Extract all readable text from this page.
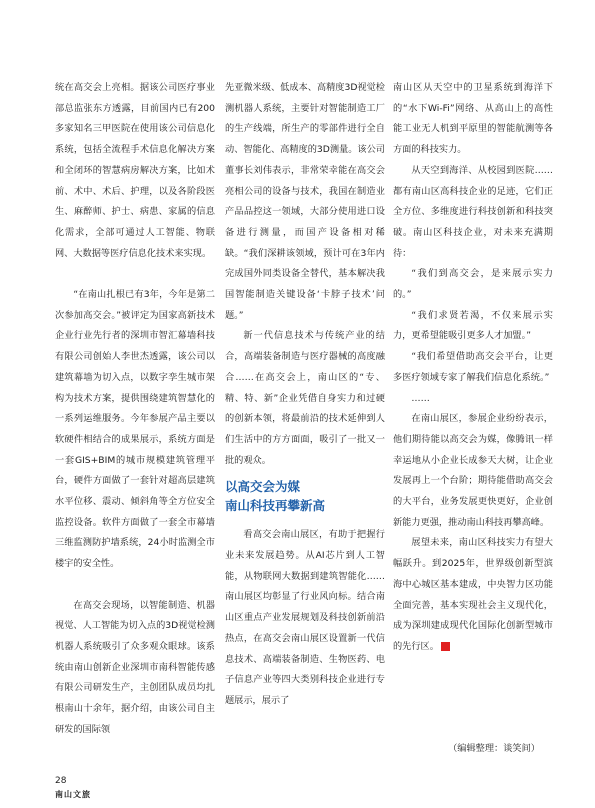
统在高交会上亮相。据该公司医疗事业部总监张东方透露，目前国内已有200多家知名三甲医院在使用该公司信息化系统，包括全流程手术信息化解决方案和全闭环的智慧病房解决方案，比如术前、术中、术后、护理，以及各阶段医生、麻醉师、护士、病患、家属的信息化需求，全部可通过人工智能、物联网、大数据等医疗信息化技术来实现。

“在南山扎根已有3年，今年是第二次参加高交会。”被评定为国家高新技术企业行业先行者的深圳市智汇幕墙科技有限公司创始人李世杰透露，该公司以建筑幕墙为切入点，以数字孪生城市架构为技术方案，提供围绕建筑智慧化的一系列运维服务。今年参展产品主要以软硬件相结合的成果展示，系统方面是一套GIS+BIM的城市规模建筑管理平台，硬件方面做了一套针对超高层建筑水平位移、震动、倾斜角等全方位安全监控设备。软件方面做了一套全市幕墙三维监测防护墙系统，24小时监测全市楼宇的安全性。

在高交会现场，以智能制造、机器视觉、人工智能为切入点的3D视觉检测机器人系统吸引了众多观众眼球。该系统由南山创新企业深圳市南科智能传感有限公司研发生产，主创团队成员均扎根南山十余年，据介绍，由该公司自主研发的国际领

先亚微米级、低成本、高精度3D视觉检测机器人系统，主要针对智能制造工厂的生产线端，所生产的零部件进行全自动、智能化、高精度的3D测量。该公司董事长刘伟表示，非常荣幸能在高交会亮相公司的设备与技术，我国在制造业产品品控这一领域，大部分使用进口设备进行测量，而国产设备相对稀缺。“我们深耕该领域，预计可在3年内完成国外同类设备全替代，基本解决我国智能制造关键设备‘卡脖子技术’问题。”

新一代信息技术与传统产业的结合，高端装备制造与医疗器械的高度融合……在高交会上，南山区的“专、精、特、新”企业凭借自身实力和过硬的创新本领，将最前沿的技术延伸到人们生活中的方方面面，吸引了一批又一批的观众。

以高交会为媒
南山科技再攀新高

看高交会南山展区，有助于把握行业未来发展趋势。从AI芯片到人工智能，从物联网大数据到建筑智能化……南山展区均彰显了行业风向标。结合南山区重点产业发展规划及科技创新前沿热点，在高交会南山展区设置新一代信息技术、高端装备制造、生物医药、电子信息产业等四大类别科技企业进行专题展示，展示了

南山区从天空中的卫星系统到海洋下的“水下Wi-Fi”网络、从高山上的高性能工业无人机到平原里的智能航测等各方面的科技实力。

从天空到海洋、从校园到医院……都有南山区高科技企业的足迹，它们正全方位、多维度进行科技创新和科技突破。南山区科技企业，对未来充满期待：

“我们到高交会，是来展示实力的。”

“我们求贤若渴，不仅来展示实力，更希望能吸引更多人才加盟。”

“我们希望借助高交会平台，让更多医疗领域专家了解我们信息化系统。”

……

在南山展区，参展企业纷纷表示，他们期待能以高交会为媒，像腾讯一样幸运地从小企业长成参天大树，让企业发展再上一个台阶；期待能借助高交会的大平台，业务发展更快更好，企业创新能力更强，推动南山科技再攀高峰。

展望未来，南山区科技实力有望大幅跃升。到2025年，世界级创新型滨海中心城区基本建成，中央智力区功能全面完善，基本实现社会主义现代化，成为深圳建成现代化国际化创新型城市的先行区。	N

（编辑整理：谈笑间）
28
南山文旅
